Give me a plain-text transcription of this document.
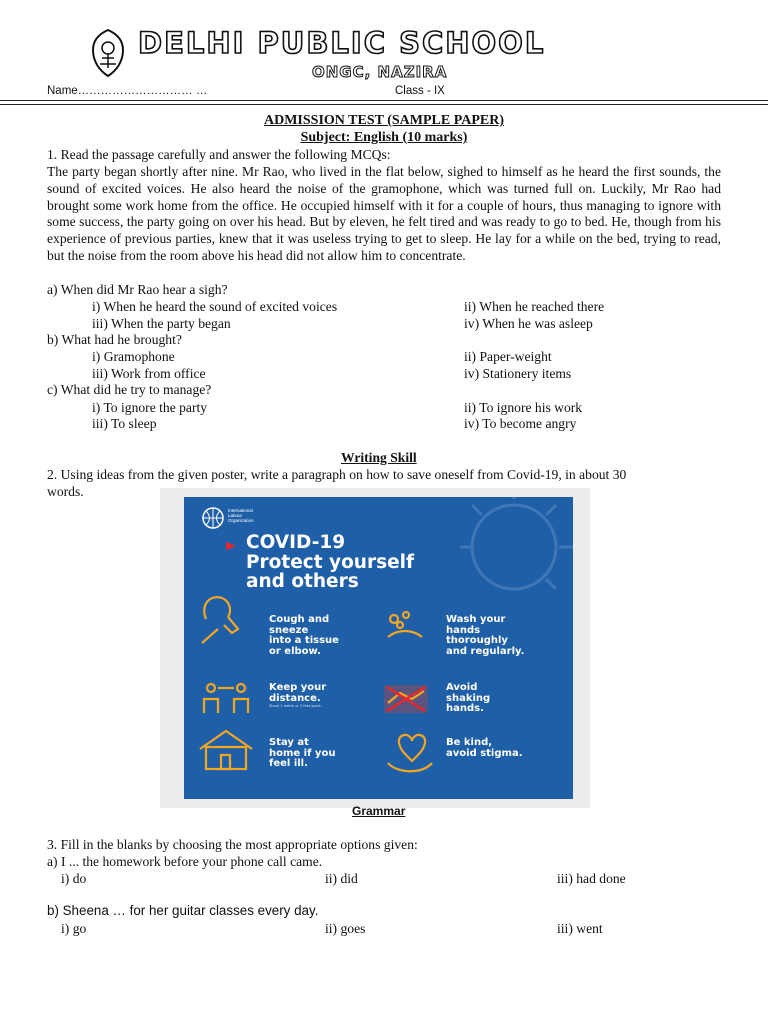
DELHI PUBLIC SCHOOL
ONGC, NAZIRA
Name………………………… …	Class - IX
ADMISSION TEST (SAMPLE PAPER)
Subject: English (10 marks)
1. Read the passage carefully and answer the following MCQs:
The party began shortly after nine. Mr Rao, who lived in the flat below, sighed to himself as he heard the first sounds, the sound of excited voices. He also heard the noise of the gramophone, which was turned full on. Luckily, Mr Rao had brought some work home from the office. He occupied himself with it for a couple of hours, thus managing to ignore with some success, the party going on over his head. But by eleven, he felt tired and was ready to go to bed. He, though from his experience of previous parties, knew that it was useless trying to get to sleep. He lay for a while on the bed, trying to read, but the noise from the room above his head did not allow him to concentrate.
a) When did Mr Rao hear a sigh?
i) When he heard the sound of excited voices	ii) When he reached there
iii) When the party began	iv) When he was asleep
b) What had he brought?
i) Gramophone	ii) Paper-weight
iii) Work from office	iv) Stationery items
c) What did he try to manage?
i) To ignore the party	ii) To ignore his work
iii) To sleep	iv) To become angry
Writing Skill
2. Using ideas from the given poster, write a paragraph on how to save oneself from Covid-19, in about 30
words.
International
Labour
Organization
COVID-19
Protect yourself
and others
Cough and
sneeze
into a tissue
or elbow.
Wash your
hands
thoroughly
and regularly.
Keep your
distance.
Stand 1 metre or 3 feet apart.
Avoid
shaking
hands.
Stay at
home if you
feel ill.
Be kind,
avoid stigma.
Grammar
3. Fill in the blanks by choosing the most appropriate options given:
a) I ... the homework before your phone call came.
i) do	ii) did	iii) had done
b) Sheena … for her guitar classes every day.
i) go	ii) goes	iii) went
